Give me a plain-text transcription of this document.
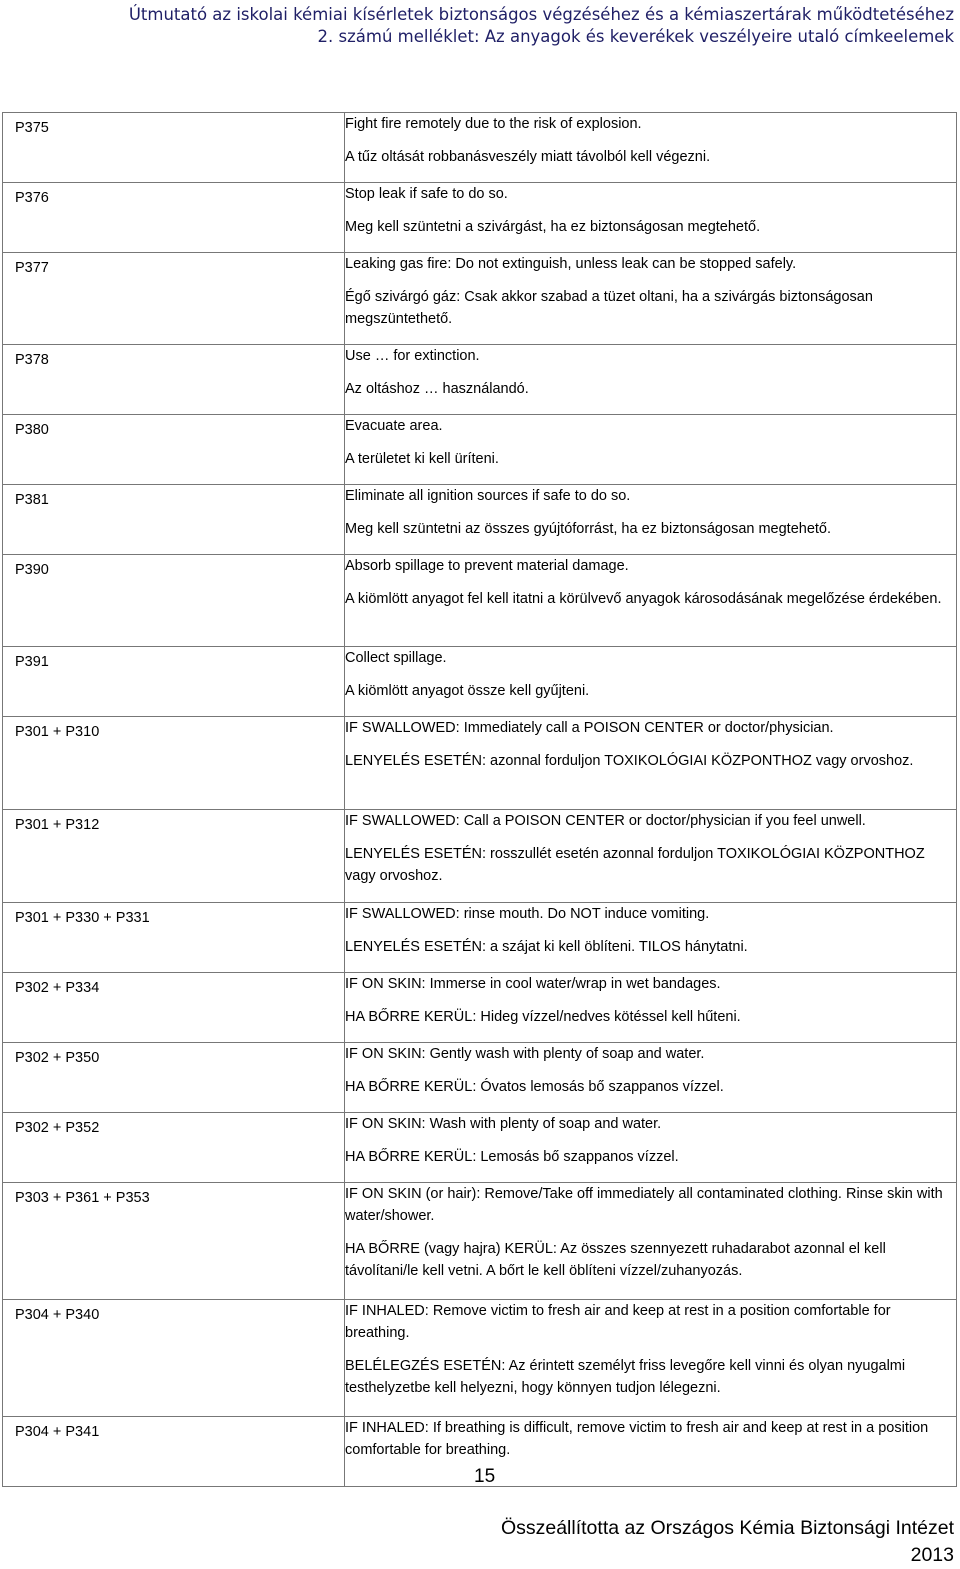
Útmutató az iskolai kémiai kísérletek biztonságos végzéséhez és a kémiaszertárak működtetéséhez
2. számú melléklet: Az anyagok és keverékek veszélyeire utaló címkeelemek
P375	Fight fire remotely due to the risk of explosion.

A tűz oltását robbanásveszély miatt távolból kell végezni.

P376	Stop leak if safe to do so.

Meg kell szüntetni a szivárgást, ha ez biztonságosan megtehető.

P377	Leaking gas fire: Do not extinguish, unless leak can be stopped safely.

Égő szivárgó gáz: Csak akkor szabad a tüzet oltani, ha a szivárgás biztonságosan megszüntethető.

P378	Use … for extinction.

Az oltáshoz … használandó.

P380	Evacuate area.

A területet ki kell üríteni.

P381	Eliminate all ignition sources if safe to do so.

Meg kell szüntetni az összes gyújtóforrást, ha ez biztonságosan megtehető.

P390	Absorb spillage to prevent material damage.

A kiömlött anyagot fel kell itatni a körülvevő anyagok károsodásának megelőzése érdekében.

P391	Collect spillage.

A kiömlött anyagot össze kell gyűjteni.

P301 + P310	IF SWALLOWED: Immediately call a POISON CENTER or doctor/physician.

LENYELÉS ESETÉN: azonnal forduljon TOXIKOLÓGIAI KÖZPONTHOZ vagy orvoshoz.

P301 + P312	IF SWALLOWED: Call a POISON CENTER or doctor/physician if you feel unwell.

LENYELÉS ESETÉN: rosszullét esetén azonnal forduljon TOXIKOLÓGIAI KÖZPONTHOZ vagy orvoshoz.

P301 + P330 + P331	IF SWALLOWED: rinse mouth. Do NOT induce vomiting.

LENYELÉS ESETÉN: a szájat ki kell öblíteni. TILOS hánytatni.

P302 + P334	IF ON SKIN: Immerse in cool water/wrap in wet bandages.

HA BŐRRE KERÜL: Hideg vízzel/nedves kötéssel kell hűteni.

P302 + P350	IF ON SKIN: Gently wash with plenty of soap and water.

HA BŐRRE KERÜL: Óvatos lemosás bő szappanos vízzel.

P302 + P352	IF ON SKIN: Wash with plenty of soap and water.

HA BŐRRE KERÜL: Lemosás bő szappanos vízzel.

P303 + P361 + P353	IF ON SKIN (or hair): Remove/Take off immediately all contaminated clothing. Rinse skin with water/shower.

HA BŐRRE (vagy hajra) KERÜL: Az összes szennyezett ruhadarabot azonnal el kell távolítani/le kell vetni. A bőrt le kell öblíteni vízzel/zuhanyozás.

P304 + P340	IF INHALED: Remove victim to fresh air and keep at rest in a position comfortable for breathing.

BELÉLEGZÉS ESETÉN: Az érintett személyt friss levegőre kell vinni és olyan nyugalmi testhelyzetbe kell helyezni, hogy könnyen tudjon lélegezni.

P304 + P341	IF INHALED: If breathing is difficult, remove victim to fresh air and keep at rest in a position comfortable for breathing.

15
Összeállította az Országos Kémia Biztonsági Intézet
2013
